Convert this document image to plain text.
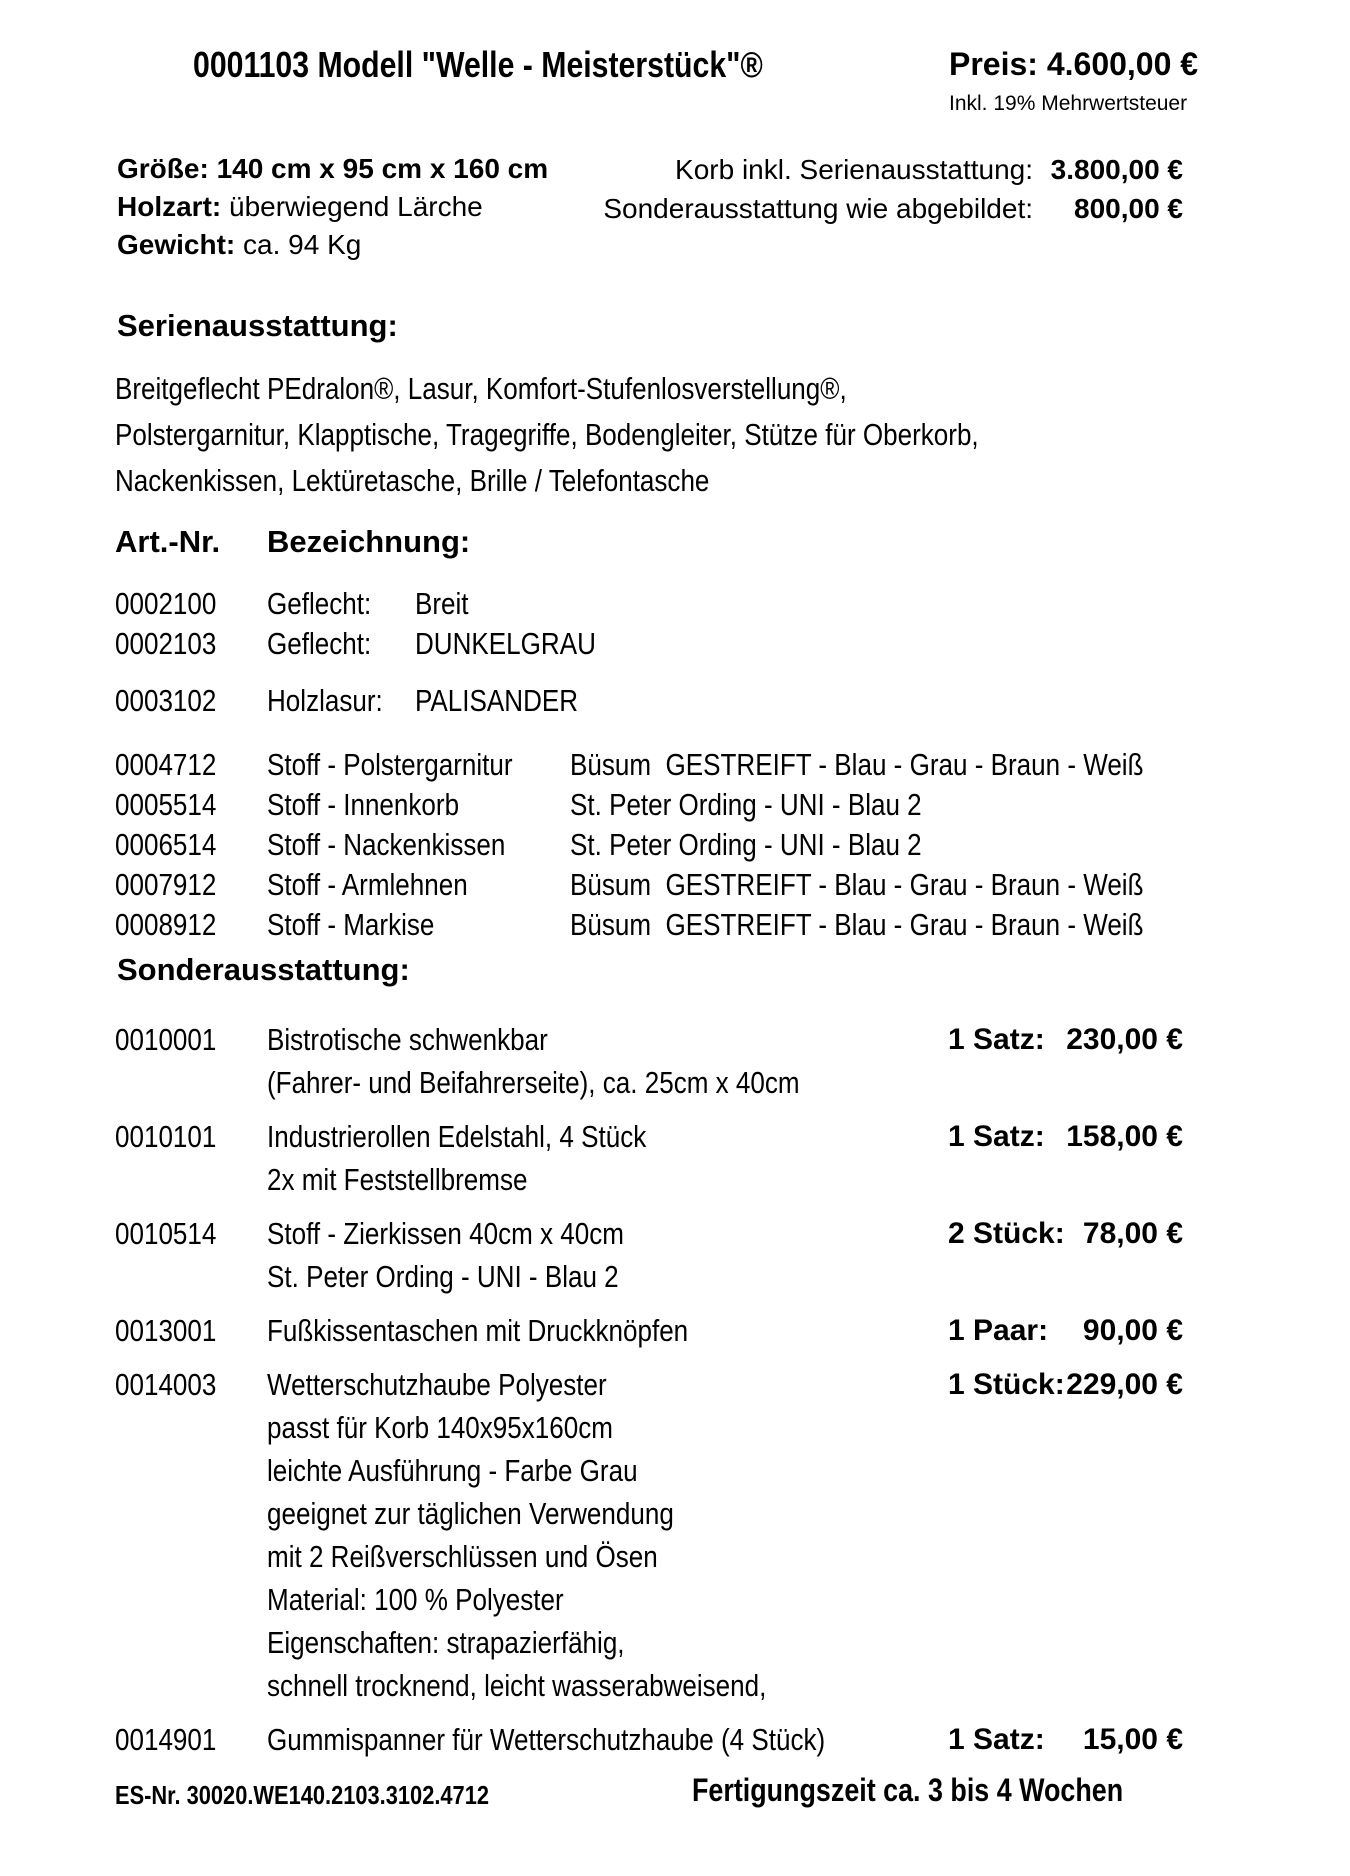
0001103 Modell "Welle - Meisterstück"®	Preis: 4.600,00 €
Inkl. 19% Mehrwertsteuer
Größe: 140 cm x 95 cm x 160 cm
Holzart: überwiegend Lärche
Gewicht: ca. 94 Kg
Korb inkl. Serienausstattung: 3.800,00 €
Sonderausstattung wie abgebildet:	800,00 €
Serienausstattung:
Breitgeflecht PEdralon®, Lasur, Komfort-Stufenlosverstellung®,
Polstergarnitur, Klapptische, Tragegriffe, Bodengleiter, Stütze für Oberkorb,
Nackenkissen, Lektüretasche, Brille / Telefontasche
Art.-Nr.	Bezeichnung:
0002100	Geflecht:	Breit
0002103	Geflecht:	DUNKELGRAU
0003102	Holzlasur:	PALISANDER
0004712	Stoff - Polstergarnitur	Büsum  GESTREIFT - Blau - Grau - Braun - Weiß
0005514	Stoff - Innenkorb	St. Peter Ording - UNI - Blau 2
0006514	Stoff - Nackenkissen	St. Peter Ording - UNI - Blau 2
0007912	Stoff - Armlehnen	Büsum  GESTREIFT - Blau - Grau - Braun - Weiß
0008912	Stoff - Markise	Büsum  GESTREIFT - Blau - Grau - Braun - Weiß
Sonderausstattung:
0010001	Bistrotische schwenkbar
(Fahrer- und Beifahrerseite), ca. 25cm x 40cm
1 Satz: 230,00 €
0010101	Industrierollen Edelstahl, 4 Stück
2x mit Feststellbremse
1 Satz: 158,00 €
0010514	Stoff - Zierkissen 40cm x 40cm
St. Peter Ording - UNI - Blau 2
2 Stück: 78,00 €
0013001	Fußkissentaschen mit Druckknöpfen	1 Paar: 90,00 €
0014003	Wetterschutzhaube Polyester
passt für Korb 140x95x160cm
leichte Ausführung - Farbe Grau
geeignet zur täglichen Verwendung
mit 2 Reißverschlüssen und Ösen
Material: 100 % Polyester
Eigenschaften: strapazierfähig,
schnell trocknend, leicht wasserabweisend,
1 Stück: 229,00 €
0014901	Gummispanner für Wetterschutzhaube (4 Stück)	1 Satz: 15,00 €
ES-Nr. 30020.WE140.2103.3102.4712	Fertigungszeit ca. 3 bis 4 Wochen
